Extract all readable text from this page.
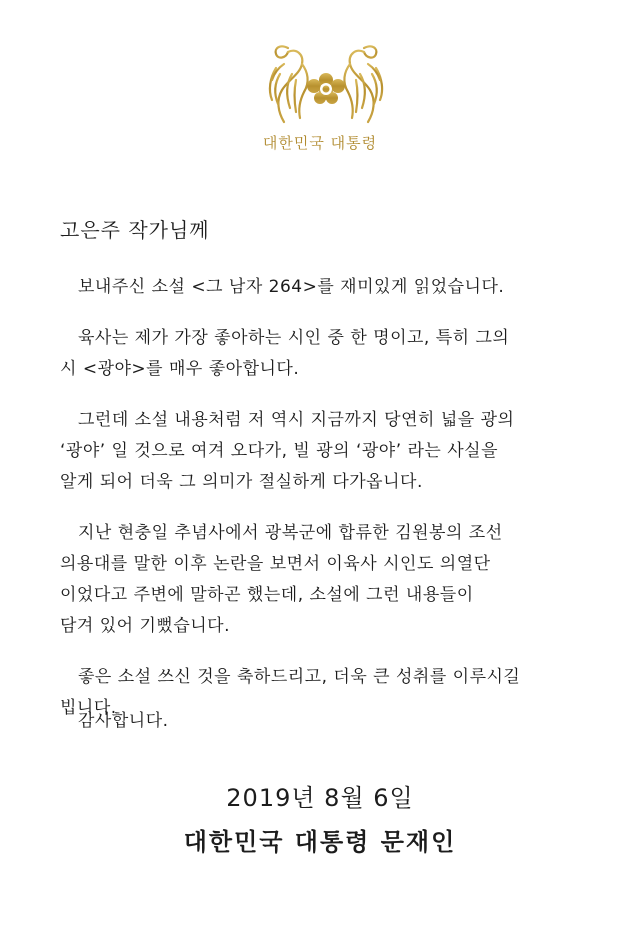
대한민국 대통령
고은주 작가님께

보내주신 소설 <그 남자 264>를 재미있게 읽었습니다.

육사는 제가 가장 좋아하는 시인 중 한 명이고, 특히 그의
시 <광야>를 매우 좋아합니다.

그런데 소설 내용처럼 저 역시 지금까지 당연히 넓을 광의
‘광야’ 일 것으로 여겨 오다가, 빌 광의 ‘광야’ 라는 사실을
알게 되어 더욱 그 의미가 절실하게 다가옵니다.

지난 현충일 추념사에서 광복군에 합류한 김원봉의 조선
의용대를 말한 이후 논란을 보면서 이육사 시인도 의열단
이었다고 주변에 말하곤 했는데, 소설에 그런 내용들이
담겨 있어 기뻤습니다.

좋은 소설 쓰신 것을 축하드리고, 더욱 큰 성취를 이루시길
빕니다.

감사합니다.
2019년 8월 6일
대한민국 대통령 문재인
